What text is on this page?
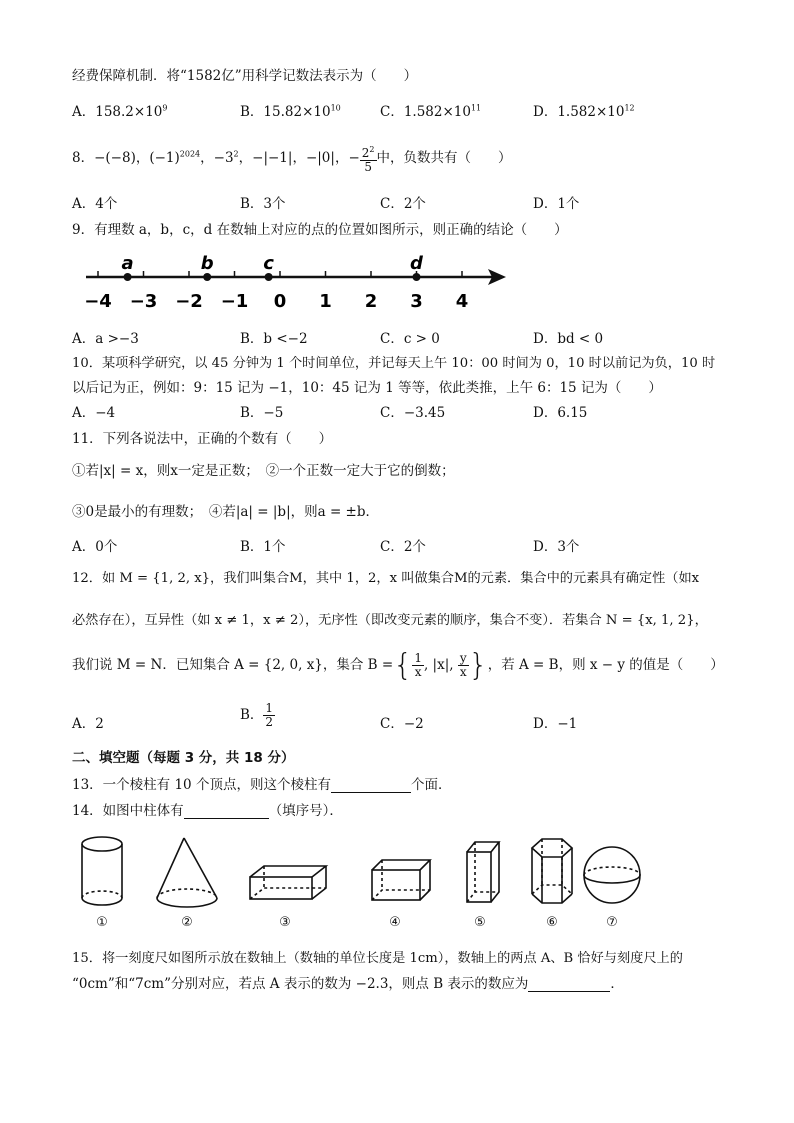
经费保障机制．将“1582亿”用科学记数法表示为（　　）
A．$158.2\times 10^9$	B．$15.82\times 10^{10}$	C．$1.582\times 10^{11}$	D．$1.582\times 10^{12}$
8．−(−8)，$(-1)^{2024}$，$-3^2$，−|−1|，−|0|，− $\frac{2^2}{5}$ 中，负数共有（　　）
A．4个	B．3个	C．2个	D．1个
9．有理数 a，b，c，d 在数轴上对应的点的位置如图所示，则正确的结论（　　）
−4 −3 −2 −1 0 1 2 3 4
a	b	c	d
A．a >−3	B．b <−2	C．c > 0	D．bd < 0
10．某项科学研究，以 45 分钟为 1 个时间单位，并记每天上午 10：00 时间为 0，10 时以前记为负，10 时
以后记为正，例如：9：15 记为 −1，10：45 记为 1 等等，依此类推，上午 6：15 记为（　　）
A．−4	B．−5	C．−3.45	D．6.15
11．下列各说法中，正确的个数有（　　）
①若|x| = x，则x一定是正数；　②一个正数一定大于它的倒数；
③0是最小的有理数；　④若|a| = |b|，则a = ±b．
A．0个	B．1个	C．2个	D．3个
12．如 M = {1, 2, x}，我们叫集合M，其中 1，2，x 叫做集合M的元素．集合中的元素具有确定性（如x
必然存在），互异性（如 x ≠ 1，x ≠ 2），无序性（即改变元素的顺序，集合不变）．若集合 N = {x, 1, 2}，
我们说 M = N．已知集合 A = {2, 0, x}，集合 B ={ $\frac{1}{x}$ , |x|, $\frac{y}{x}$ }，若 A = B，则 x − y 的值是（　　）
A．2
B． $\frac{1}{2}$	C．−2	D．−1
二、填空题（每题 3 分，共 18 分）
13．一个棱柱有 10 个顶点，则这个棱柱有	个面．
14．如图中柱体有	（填序号）．
①	②	③	④	⑤	⑥	⑦
15．将一刻度尺如图所示放在数轴上（数轴的单位长度是 1cm），数轴上的两点 A、B 恰好与刻度尺上的
“0cm”和“7cm”分别对应，若点 A 表示的数为 −2.3，则点 B 表示的数应为	．
